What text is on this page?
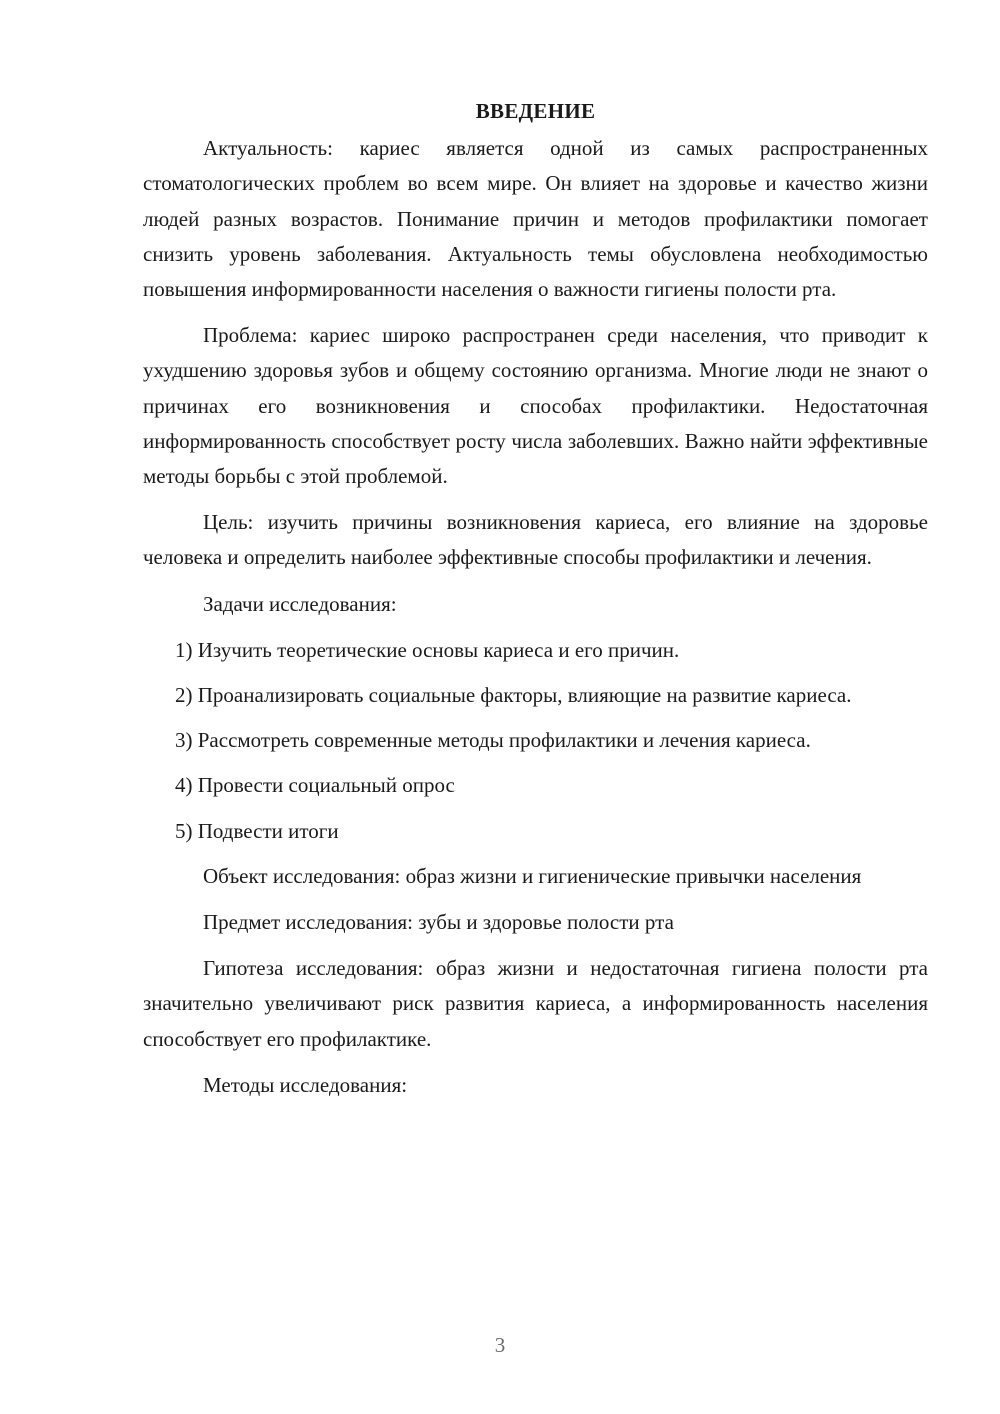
ВВЕДЕНИЕ

Актуальность: кариес является одной из самых распространенных стоматологических проблем во всем мире. Он влияет на здоровье и качество жизни людей разных возрастов. Понимание причин и методов профилактики помогает снизить уровень заболевания. Актуальность темы обусловлена необходимостью повышения информированности населения о важности гигиены полости рта.

Проблема: кариес широко распространен среди населения, что приводит к ухудшению здоровья зубов и общему состоянию организма. Многие люди не знают о причинах его возникновения и способах профилактики. Недостаточная информированность способствует росту числа заболевших. Важно найти эффективные методы борьбы с этой проблемой.

Цель: изучить причины возникновения кариеса, его влияние на здоровье человека и определить наиболее эффективные способы профилактики и лечения.

Задачи исследования:

1) Изучить теоретические основы кариеса и его причин.

2) Проанализировать социальные факторы, влияющие на развитие кариеса.

3) Рассмотреть современные методы профилактики и лечения кариеса.

4) Провести социальный опрос

5) Подвести итоги

Объект исследования: образ жизни и гигиенические привычки населения

Предмет исследования: зубы и здоровье полости рта

Гипотеза исследования: образ жизни и недостаточная гигиена полости рта значительно увеличивают риск развития кариеса, а информированность населения способствует его профилактике.

Методы исследования:

3
